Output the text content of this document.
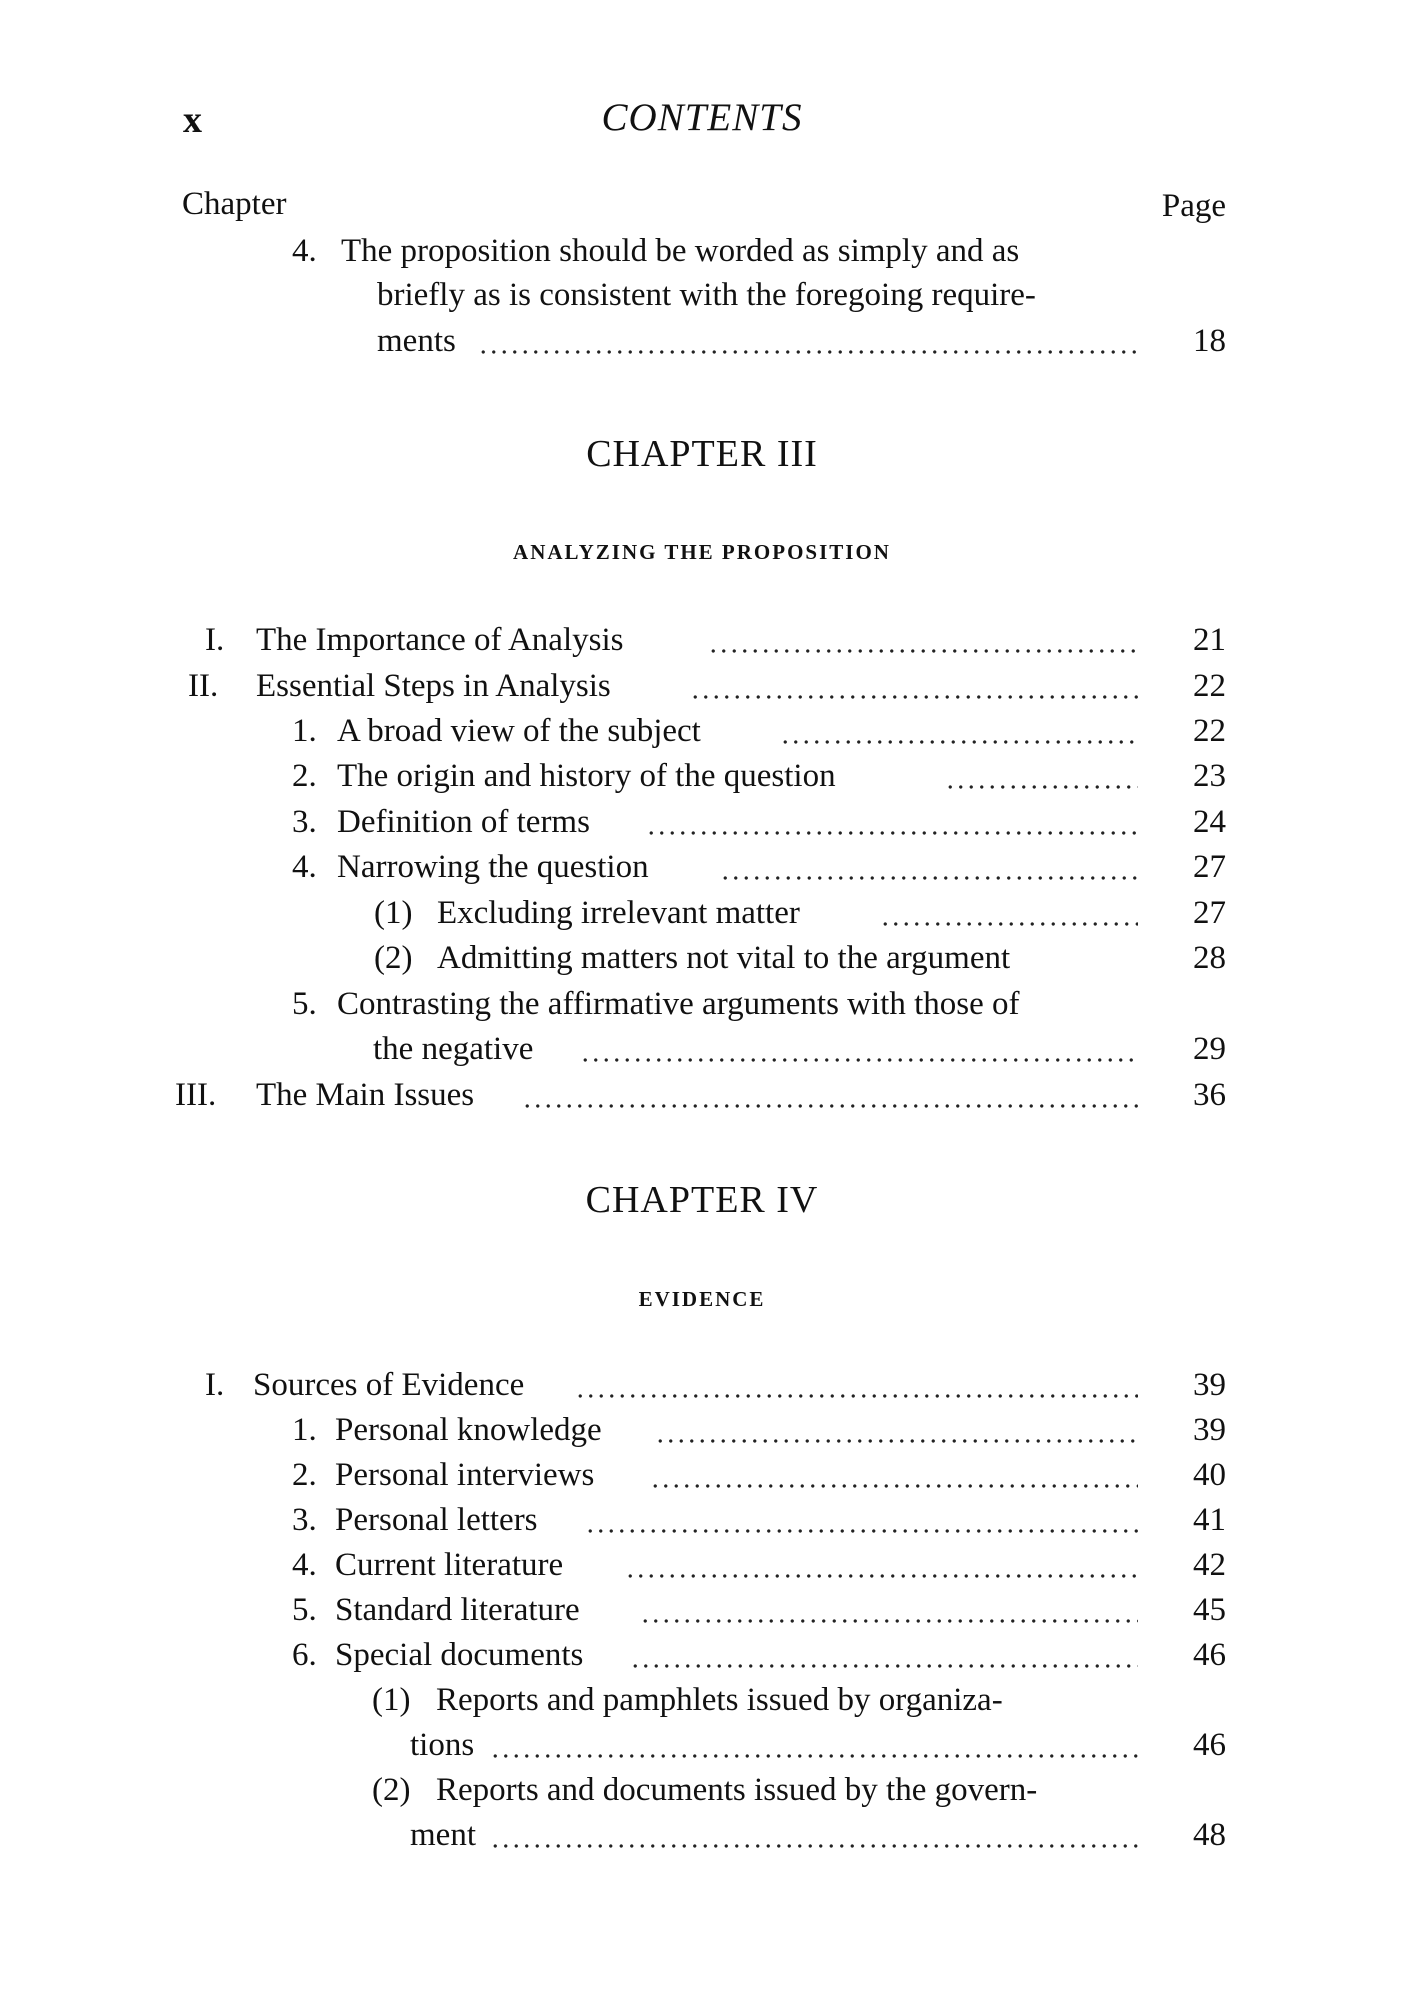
x	CONTENTS
Chapter	Page
4. The proposition should be worded as simply and as
briefly as is consistent with the foregoing require-
ments	18
CHAPTER III
ANALYZING THE PROPOSITION
I. The Importance of Analysis	21
II. Essential Steps in Analysis	22
1. A broad view of the subject	22
2. The origin and history of the question	23
3. Definition of terms	24
4. Narrowing the question	27
(1) Excluding irrelevant matter	27
(2) Admitting matters not vital to the argument	28
5. Contrasting the affirmative arguments with those of
the negative	29
III. The Main Issues	36
CHAPTER IV
EVIDENCE
I. Sources of Evidence	39
1. Personal knowledge	39
2. Personal interviews	40
3. Personal letters	41
4. Current literature	42
5. Standard literature	45
6. Special documents	46
(1) Reports and pamphlets issued by organiza-
tions	46
(2) Reports and documents issued by the govern-
ment	48
